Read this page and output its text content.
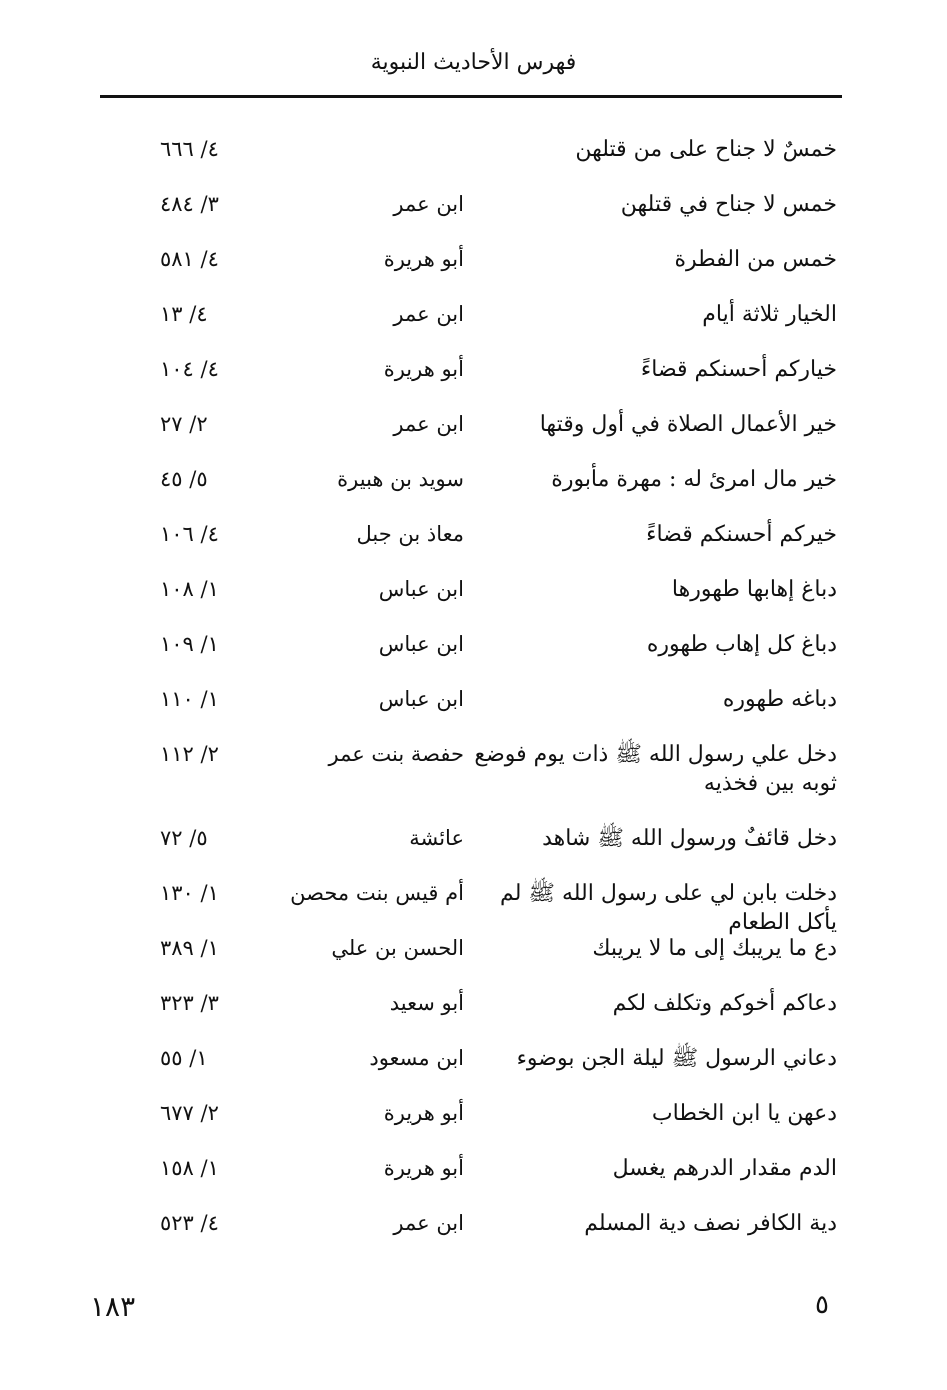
فهرس الأحاديث النبوية
خمسٌ لا جناح على من قتلهن
٤/ ٦٦٦
خمس لا جناح في قتلهن
ابن عمر
٣/ ٤٨٤
خمس من الفطرة
أبو هريرة
٤/ ٥٨١
الخيار ثلاثة أيام
ابن عمر
٤/ ١٣
خياركم أحسنكم قضاءً
أبو هريرة
٤/ ١٠٤
خير الأعمال الصلاة في أول وقتها
ابن عمر
٢/ ٢٧
خير مال امرئ له : مهرة مأبورة
سويد بن هبيرة
٥/ ٤٥
خيركم أحسنكم قضاءً
معاذ بن جبل
٤/ ١٠٦
دباغ إهابها طهورها
ابن عباس
١/ ١٠٨
دباغ كل إهاب طهوره
ابن عباس
١/ ١٠٩
دباغه طهوره
ابن عباس
١/ ١١٠
دخل علي رسول الله ﷺ ذات يوم فوضع ثوبه بين فخذيه
حفصة بنت عمر
٢/ ١١٢
دخل قائفٌ ورسول الله ﷺ شاهد
عائشة
٥/ ٧٢
دخلت بابن لي على رسول الله ﷺ لم يأكل الطعام
أم قيس بنت محصن
١/ ١٣٠
دع ما يريبك إلى ما لا يريبك
الحسن بن علي
١/ ٣٨٩
دعاكم أخوكم وتكلف لكم
أبو سعيد
٣/ ٣٢٣
دعاني الرسول ﷺ ليلة الجن بوضوء
ابن مسعود
١/ ٥٥
دعهن يا ابن الخطاب
أبو هريرة
٢/ ٦٧٧
الدم مقدار الدرهم يغسل
أبو هريرة
١/ ١٥٨
دية الكافر نصف دية المسلم
ابن عمر
٤/ ٥٢٣
١٨٣	٥
